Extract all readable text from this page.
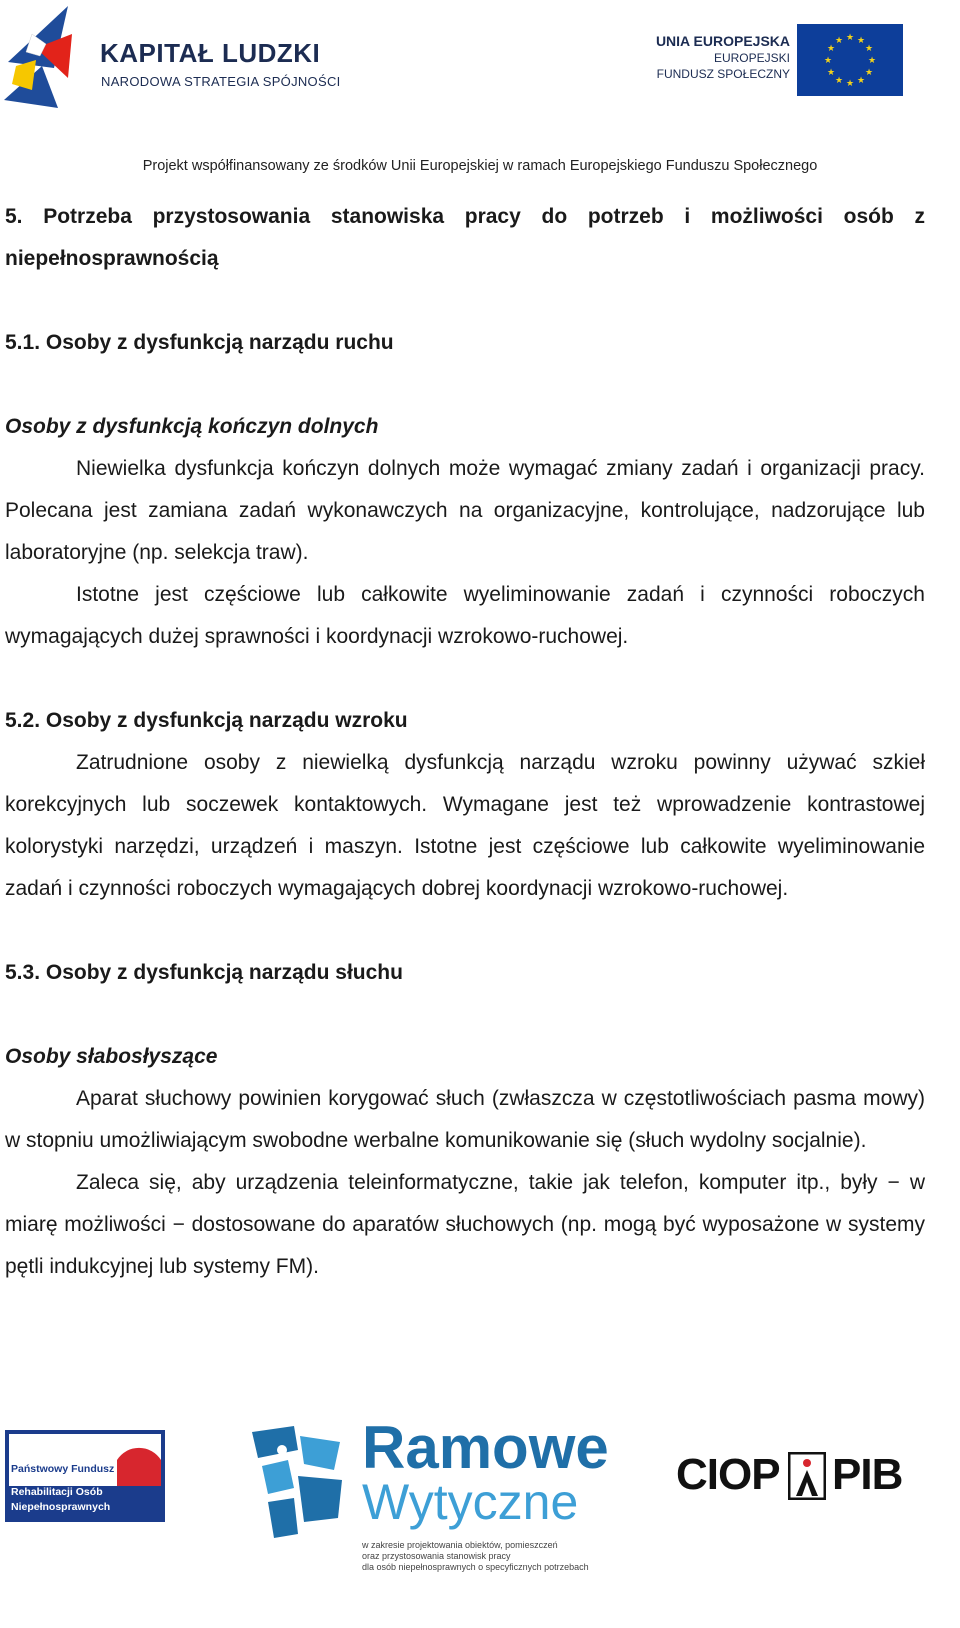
KAPITAŁ LUDZKI
NARODOWA STRATEGIA SPÓJNOŚCI
UNIA EUROPEJSKA
EUROPEJSKI
FUNDUSZ SPOŁECZNY
★ ★
★
★
★
★
★
★
★
★
★
★
Projekt współfinansowany ze środków Unii Europejskiej w ramach Europejskiego Funduszu Społecznego

5. Potrzeba przystosowania stanowiska pracy do potrzeb i możliwości osób z niepełnosprawnością

5.1. Osoby z dysfunkcją narządu ruchu

Osoby z dysfunkcją kończyn dolnych

Niewielka dysfunkcja kończyn dolnych może wymagać zmiany zadań i organizacji pracy. Polecana jest zamiana zadań wykonawczych na organizacyjne, kontrolujące, nadzorujące lub laboratoryjne (np. selekcja traw).

Istotne jest częściowe lub całkowite wyeliminowanie zadań i czynności roboczych wymagających dużej sprawności i koordynacji wzrokowo-ruchowej.

5.2. Osoby z dysfunkcją narządu wzroku

Zatrudnione osoby z niewielką dysfunkcją narządu wzroku powinny używać szkieł korekcyjnych lub soczewek kontaktowych. Wymagane jest też wprowadzenie kontrastowej kolorystyki narzędzi, urządzeń i maszyn. Istotne jest częściowe lub całkowite wyeliminowanie zadań i czynności roboczych wymagających dobrej koordynacji wzrokowo-ruchowej.

5.3. Osoby z dysfunkcją narządu słuchu

Osoby słabosłyszące

Aparat słuchowy powinien korygować słuch (zwłaszcza w częstotliwościach pasma mowy) w stopniu umożliwiającym swobodne werbalne komunikowanie się (słuch wydolny socjalnie).

Zaleca się, aby urządzenia teleinformatyczne, takie jak telefon, komputer itp., były − w miarę możliwości − dostosowane do aparatów słuchowych (np. mogą być wyposażone w systemy pętli indukcyjnej lub systemy FM).

Państwowy Fundusz
Rehabilitacji Osób
Niepełnosprawnych
Ramowe
Wytyczne
w zakresie projektowania obiektów, pomieszczeń
oraz przystosowania stanowisk pracy
dla osób niepełnosprawnych o specyficznych potrzebach
CIOP PIB
